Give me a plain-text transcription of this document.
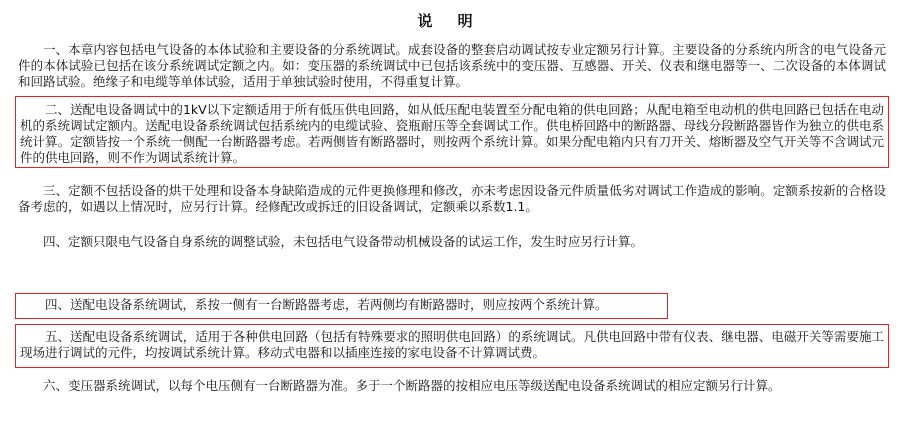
说 明
一、本章内容包括电气设备的本体试验和主要设备的分系统调试。成套设备的整套启动调试按专业定额另行计算。主要设备的分系统内所含的电气设备元件的本体试验已包括在该分系统调试定额之内。如：变压器的系统调试中已包括该系统中的变压器、互感器、开关、仪表和继电器等一、二次设备的本体调试和回路试验。绝缘子和电缆等单体试验，适用于单独试验时使用，不得重复计算。
二、送配电设备调试中的1kV以下定额适用于所有低压供电回路，如从低压配电装置至分配电箱的供电回路；从配电箱至电动机的供电回路已包括在电动机的系统调试定额内。送配电设备系统调试包括系统内的电缆试验、瓷瓶耐压等全套调试工作。供电桥回路中的断路器、母线分段断路器皆作为独立的供电系统计算。定额皆按一个系统一侧配一台断路器考虑。若两侧皆有断路器时，则按两个系统计算。如果分配电箱内只有刀开关、熔断器及空气开关等不含调试元件的供电回路，则不作为调试系统计算。
三、定额不包括设备的烘干处理和设备本身缺陷造成的元件更换修理和修改，亦未考虑因设备元件质量低劣对调试工作造成的影响。定额系按新的合格设备考虑的，如遇以上情况时，应另行计算。经修配改或拆迁的旧设备调试，定额乘以系数1.1。
四、定额只限电气设备自身系统的调整试验，未包括电气设备带动机械设备的试运工作，发生时应另行计算。
四、送配电设备系统调试，系按一侧有一台断路器考虑，若两侧均有断路器时，则应按两个系统计算。
五、送配电设备系统调试，适用于各种供电回路（包括有特殊要求的照明供电回路）的系统调试。凡供电回路中带有仪表、继电器、电磁开关等需要施工现场进行调试的元件，均按调试系统计算。移动式电器和以插座连接的家电设备不计算调试费。
六、变压器系统调试，以每个电压侧有一台断路器为准。多于一个断路器的按相应电压等级送配电设备系统调试的相应定额另行计算。
